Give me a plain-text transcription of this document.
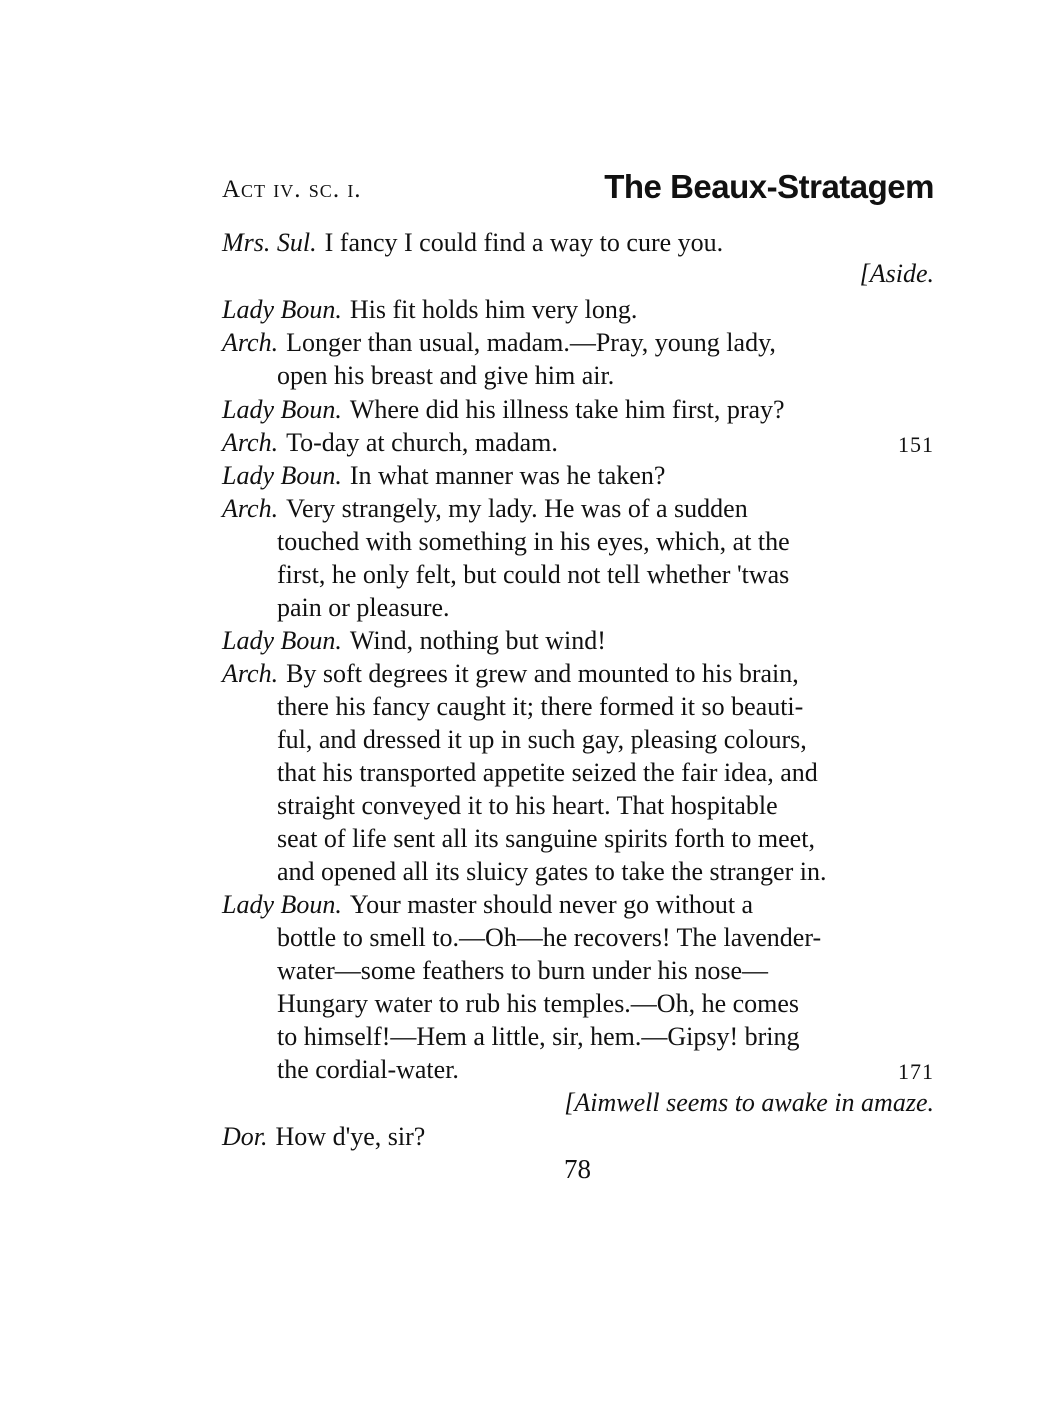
Act iv. sc. i.	The Beaux-Stratagem
Mrs. Sul. I fancy I could find a way to cure you.
[Aside.
Lady Boun. His fit holds him very long.
Arch. Longer than usual, madam.—Pray, young lady,
open his breast and give him air.
Lady Boun. Where did his illness take him first, pray?
Arch. To-day at church, madam.	151
Lady Boun. In what manner was he taken?
Arch. Very strangely, my lady. He was of a sudden
touched with something in his eyes, which, at the
first, he only felt, but could not tell whether 'twas
pain or pleasure.
Lady Boun. Wind, nothing but wind!
Arch. By soft degrees it grew and mounted to his brain,
there his fancy caught it; there formed it so beauti-
ful, and dressed it up in such gay, pleasing colours,
that his transported appetite seized the fair idea, and
straight conveyed it to his heart. That hospitable
seat of life sent all its sanguine spirits forth to meet,
and opened all its sluicy gates to take the stranger in.
Lady Boun. Your master should never go without a
bottle to smell to.—Oh—he recovers! The lavender-
water—some feathers to burn under his nose—
Hungary water to rub his temples.—Oh, he comes
to himself!—Hem a little, sir, hem.—Gipsy! bring
the cordial-water.	171
[Aimwell seems to awake in amaze.
Dor. How d'ye, sir?
78
